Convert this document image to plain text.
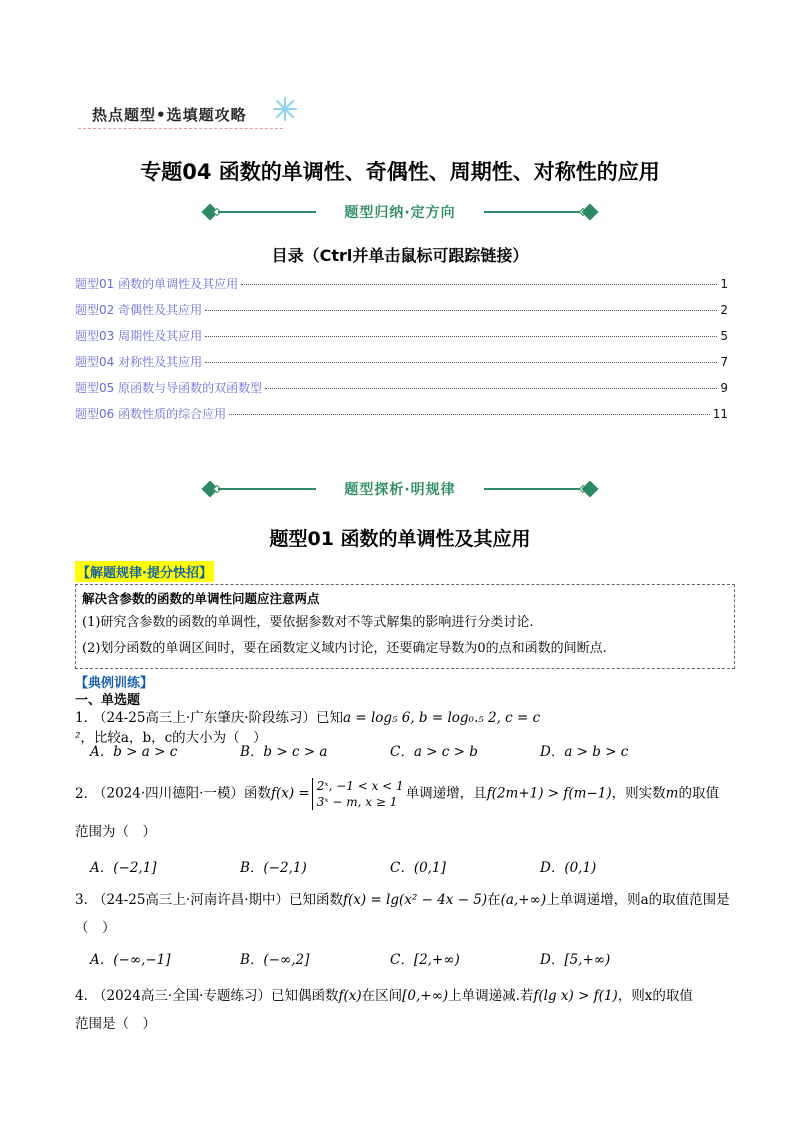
热点题型•选填题攻略
专题04 函数的单调性、奇偶性、周期性、对称性的应用
题型归纳·定方向
目录（Ctrl并单击鼠标可跟踪链接）
题型01 函数的单调性及其应用	1
题型02 奇偶性及其应用	2
题型03 周期性及其应用	5
题型04 对称性及其应用	7
题型05 原函数与导函数的双函数型	9
题型06 函数性质的综合应用	11
题型探析·明规律
题型01 函数的单调性及其应用
【解题规律·提分快招】
解决含参数的函数的单调性问题应注意两点
(1)研究含参数的函数的单调性，要依据参数对不等式解集的影响进行分类讨论.
(2)划分函数的单调区间时，要在函数定义域内讨论，还要确定导数为0的点和函数的间断点.
【典例训练】
一、单选题
1．（24-25高三上·广东肇庆·阶段练习）已知a = log₅ 6, b = log₀.₅ 2, c = c ²，比较a，b，c的大小为（　）
A．b > a > c	B．b > c > a	C．a > c > b	D．a > b > c
2．（2024·四川德阳·一模）函数f(x) = 2ˣ, −1 < x < 1
3ˣ − m, x ≥ 1单调递增，且f(2m+1) > f(m−1)，则实数m的取值
范围为（　）
A．(−2,1]	B．(−2,1)	C．(0,1]	D．(0,1)
3．（24-25高三上·河南许昌·期中）已知函数f(x) = lg(x² − 4x − 5)在(a,+∞)上单调递增，则a的取值范围是
（　）
A．(−∞,−1]	B．(−∞,2]	C．[2,+∞)	D．[5,+∞)
4．（2024高三·全国·专题练习）已知偶函数f(x)在区间[0,+∞)上单调递减.若f(lg x) > f(1)，则x的取值
范围是（　）
